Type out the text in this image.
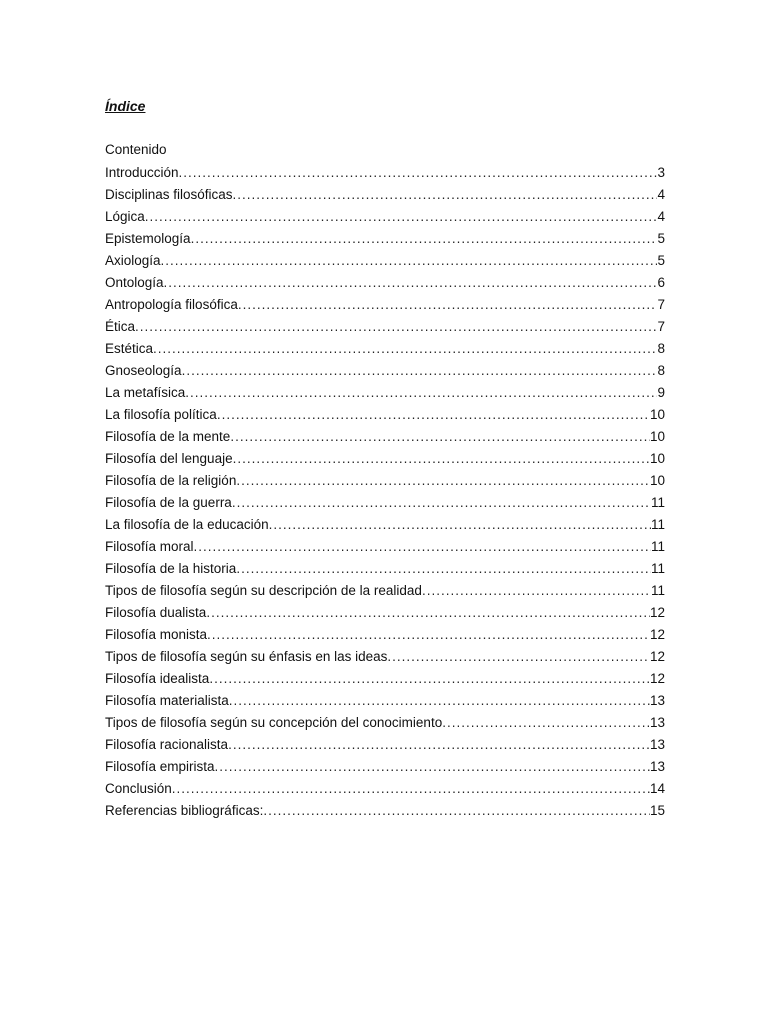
Índice
Contenido
Introducción .....	3
Disciplinas filosóficas .....	4
Lógica .....	4
Epistemología .....	5
Axiología .....	5
Ontología .....	6
Antropología filosófica .....	7
Ética .....	7
Estética .....	8
Gnoseología .....	8
La metafísica .....	9
La filosofía política .....	10
Filosofía de la mente .....	10
Filosofía del lenguaje .....	10
Filosofía de la religión .....	10
Filosofía de la guerra .....	11
La filosofía de la educación .....	11
Filosofía moral .....	11
Filosofía de la historia .....	11
Tipos de filosofía según su descripción de la realidad .....	11
Filosofía dualista .....	12
Filosofía monista .....	12
Tipos de filosofía según su énfasis en las ideas .....	12
Filosofía idealista .....	12
Filosofía materialista .....	13
Tipos de filosofía según su concepción del conocimiento .....	13
Filosofía racionalista .....	13
Filosofía empirista .....	13
Conclusión .....	14
Referencias bibliográficas: .....	15
